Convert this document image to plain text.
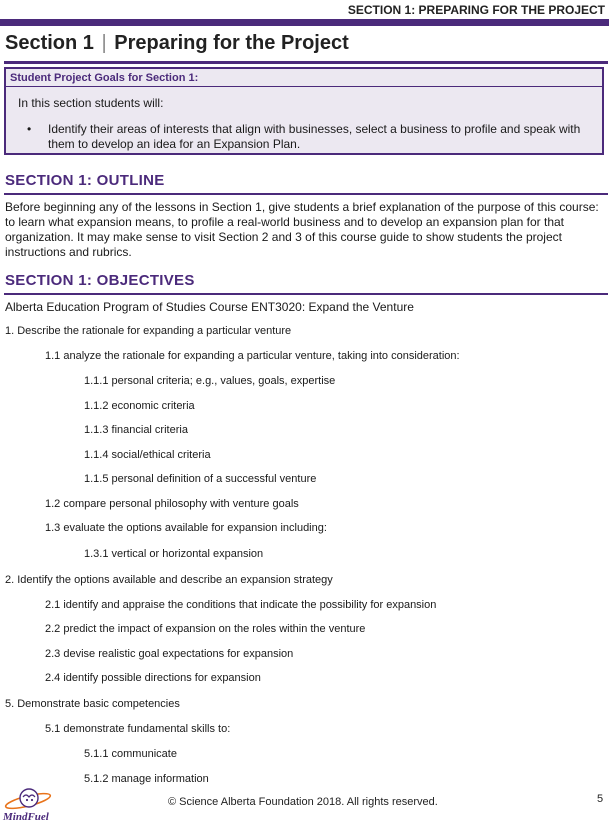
SECTION 1: PREPARING FOR THE PROJECT
Section 1 | Preparing for the Project
Student Project Goals for Section 1:
In this section students will:
• Identify their areas of interests that align with businesses, select a business to profile and speak with them to develop an idea for an Expansion Plan.
SECTION 1: OUTLINE
Before beginning any of the lessons in Section 1, give students a brief explanation of the purpose of this course: to learn what expansion means, to profile a real-world business and to develop an expansion plan for that organization. It may make sense to visit Section 2 and 3 of this course guide to show students the project instructions and rubrics.
SECTION 1: OBJECTIVES
Alberta Education Program of Studies Course ENT3020: Expand the Venture
1. Describe the rationale for expanding a particular venture
1.1 analyze the rationale for expanding a particular venture, taking into consideration:
1.1.1 personal criteria; e.g., values, goals, expertise
1.1.2 economic criteria
1.1.3 financial criteria
1.1.4 social/ethical criteria
1.1.5 personal definition of a successful venture
1.2 compare personal philosophy with venture goals
1.3 evaluate the options available for expansion including:
1.3.1 vertical or horizontal expansion
2. Identify the options available and describe an expansion strategy
2.1 identify and appraise the conditions that indicate the possibility for expansion
2.2 predict the impact of expansion on the roles within the venture
2.3 devise realistic goal expectations for expansion
2.4 identify possible directions for expansion
5. Demonstrate basic competencies
5.1 demonstrate fundamental skills to:
5.1.1 communicate
5.1.2 manage information
MindFuel
© Science Alberta Foundation 2018. All rights reserved.	5
